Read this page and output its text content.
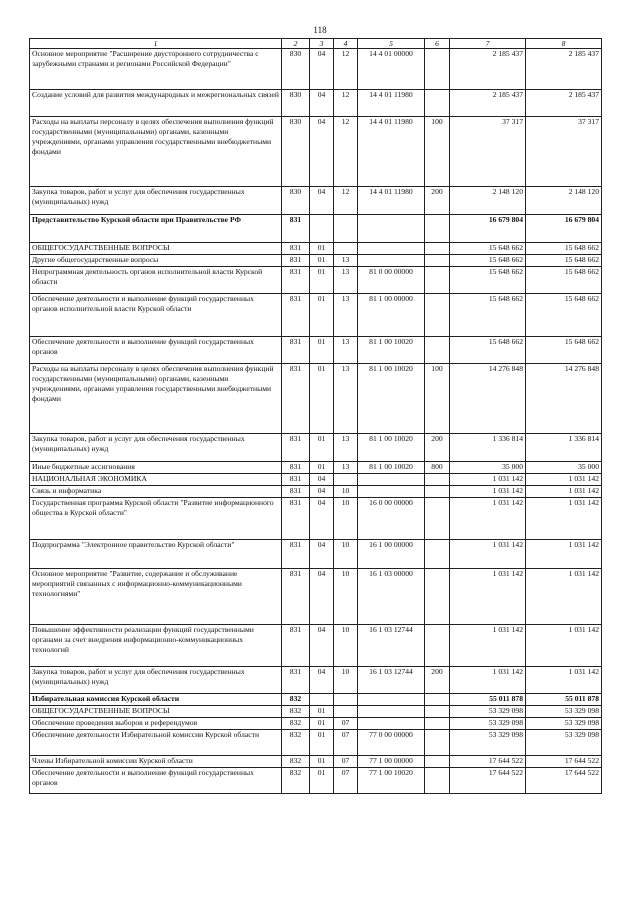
118
1	2	3	4	5	6	7	8
Основное мероприятие "Расширение двустороннего сотрудничества с зарубежными странами и регионами Российской Федерации"	830	04	12	14 4 01 00000		2 185 437	2 185 437
Создание условий для развития международных и межрегиональных связей	830	04	12	14 4 01 11980		2 185 437	2 185 437
Расходы на выплаты персоналу в целях обеспечения выполнения функций государственными (муниципальными) органами, казенными учреждениями, органами управления государственными внебюджетными фондами	830	04	12	14 4 01 11980	100	37 317	37 317
Закупка товаров, работ и услуг для обеспечения государственных (муниципальных) нужд	830	04	12	14 4 01 11980	200	2 148 120	2 148 120
Представительство Курской области при Правительстве РФ	831					16 679 804	16 679 804
ОБЩЕГОСУДАРСТВЕННЫЕ ВОПРОСЫ	831	01				15 648 662	15 648 662
Другие общегосударственные вопросы	831	01	13			15 648 662	15 648 662
Непрограммная деятельность органов исполнительной власти Курской области	831	01	13	81 0 00 00000		15 648 662	15 648 662
Обеспечение деятельности и выполнение функций государственных органов исполнительной власти Курской области	831	01	13	81 1 00 00000		15 648 662	15 648 662
Обеспечение деятельности и выполнение функций государственных органов	831	01	13	81 1 00 10020		15 648 662	15 648 662
Расходы на выплаты персоналу в целях обеспечения выполнения функций государственными (муниципальными) органами, казенными учреждениями, органами управления государственными внебюджетными фондами	831	01	13	81 1 00 10020	100	14 276 848	14 276 848
Закупка товаров, работ и услуг для обеспечения государственных (муниципальных) нужд	831	01	13	81 1 00 10020	200	1 336 814	1 336 814
Иные бюджетные ассигнования	831	01	13	81 1 00 10020	800	35 000	35 000
НАЦИОНАЛЬНАЯ ЭКОНОМИКА	831	04				1 031 142	1 031 142
Связь и информатика	831	04	10			1 031 142	1 031 142
Государственная программа Курской области "Развитие информационного общества в Курской области"	831	04	10	16 0 00 00000		1 031 142	1 031 142
Подпрограмма "Электронное правительство Курской области"	831	04	10	16 1 00 00000		1 031 142	1 031 142
Основное мероприятие "Развитие, содержание и обслуживание мероприятий связанных с информационно-коммуникационными технологиями"	831	04	10	16 1 03 00000		1 031 142	1 031 142
Повышение эффективности реализации функций государственными органами за счет внедрения информационно-коммуникационных технологий	831	04	10	16 1 03 12744		1 031 142	1 031 142
Закупка товаров, работ и услуг для обеспечения государственных (муниципальных) нужд	831	04	10	16 1 03 12744	200	1 031 142	1 031 142
Избирательная комиссия Курской области	832					55 011 878	55 011 878
ОБЩЕГОСУДАРСТВЕННЫЕ ВОПРОСЫ	832	01				53 329 098	53 329 098
Обеспечение проведения выборов и референдумов	832	01	07			53 329 098	53 329 098
Обеспечение деятельности Избирательной комиссии Курской области	832	01	07	77 0 00 00000		53 329 098	53 329 098
Члены Избирательной комиссии Курской области	832	01	07	77 1 00 00000		17 644 522	17 644 522
Обеспечение деятельности и выполнение функций государственных органов	832	01	07	77 1 00 10020		17 644 522	17 644 522
